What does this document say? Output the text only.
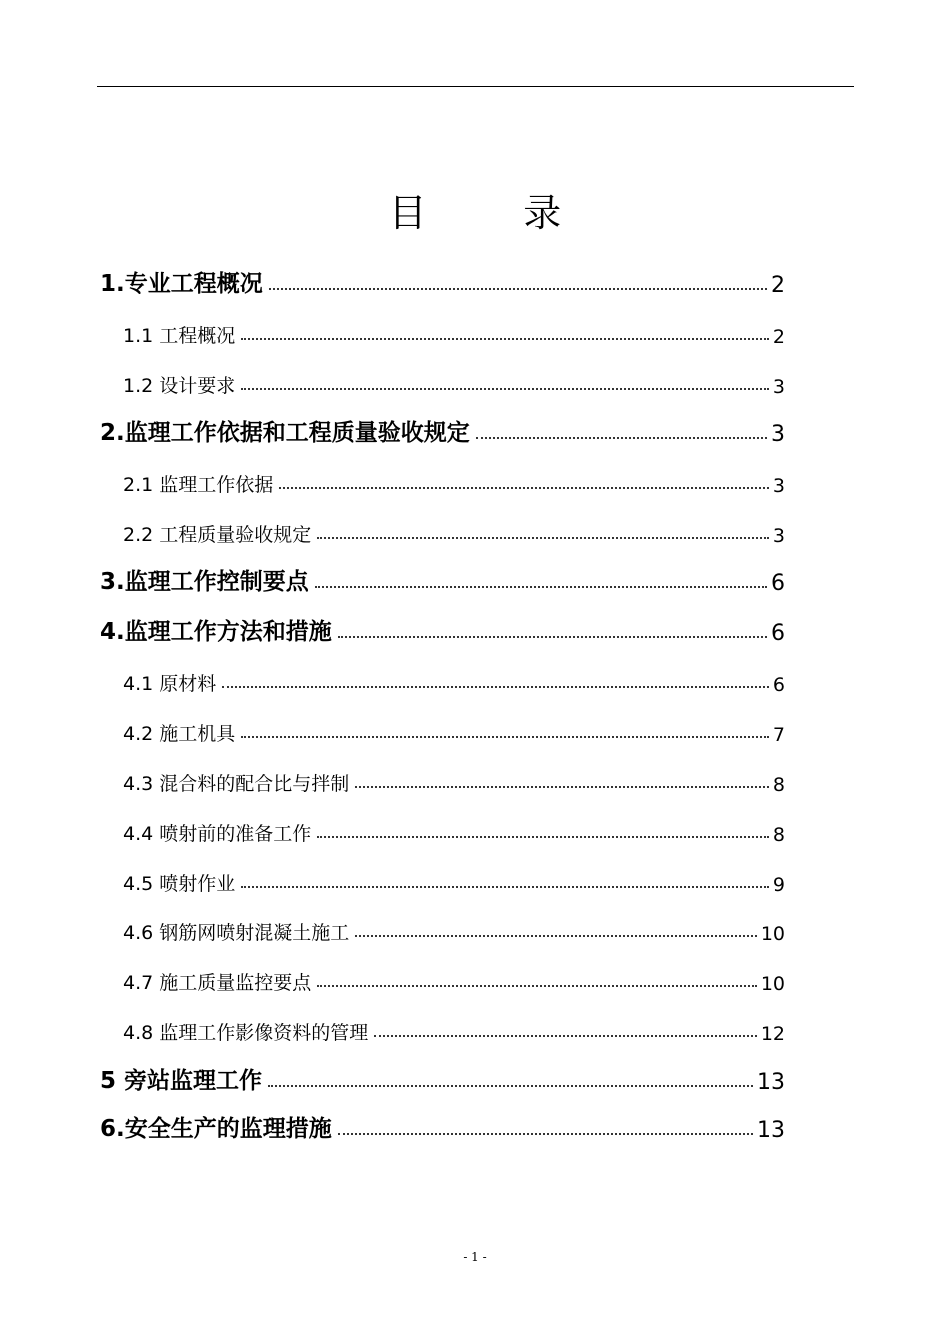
目        录
1.专业工程概况	2
1.1 工程概况	2
1.2 设计要求	3
2.监理工作依据和工程质量验收规定	3
2.1 监理工作依据	3
2.2 工程质量验收规定	3
3.监理工作控制要点	6
4.监理工作方法和措施	6
4.1 原材料	6
4.2 施工机具	7
4.3 混合料的配合比与拌制	8
4.4 喷射前的准备工作	8
4.5 喷射作业	9
4.6 钢筋网喷射混凝土施工	10
4.7 施工质量监控要点	10
4.8 监理工作影像资料的管理	12
5 旁站监理工作	13
6.安全生产的监理措施	13
- 1 -
